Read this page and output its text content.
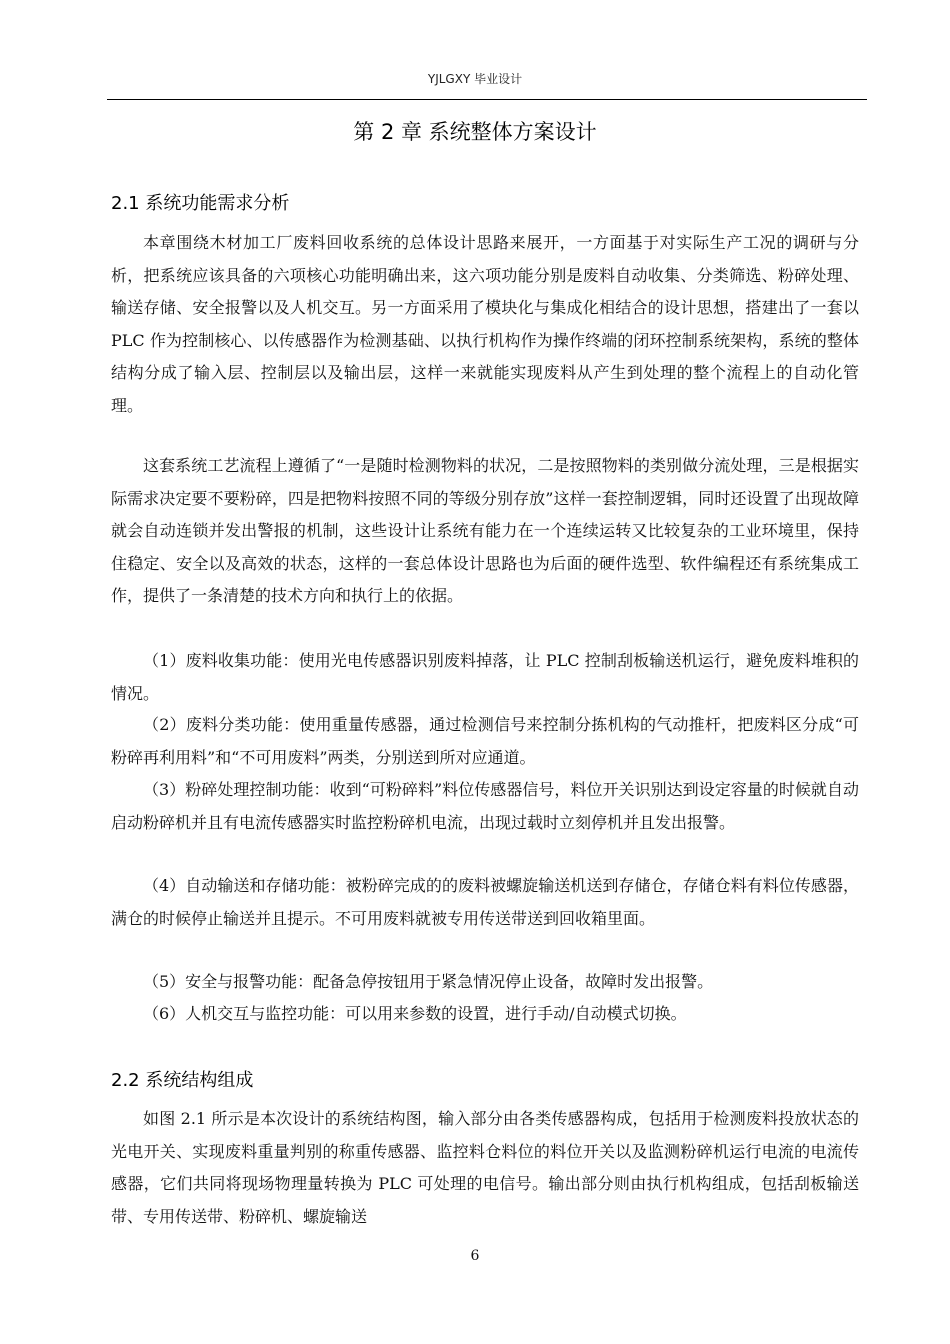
YJLGXY 毕业设计
第 2 章 系统整体方案设计
2.1 系统功能需求分析

本章围绕木材加工厂废料回收系统的总体设计思路来展开，一方面基于对实际生产工况的调研与分析，把系统应该具备的六项核心功能明确出来，这六项功能分别是废料自动收集、分类筛选、粉碎处理、输送存储、安全报警以及人机交互。另一方面采用了模块化与集成化相结合的设计思想，搭建出了一套以 PLC 作为控制核心、以传感器作为检测基础、以执行机构作为操作终端的闭环控制系统架构，系统的整体结构分成了输入层、控制层以及输出层，这样一来就能实现废料从产生到处理的整个流程上的自动化管理。

这套系统工艺流程上遵循了“一是随时检测物料的状况，二是按照物料的类别做分流处理，三是根据实际需求决定要不要粉碎，四是把物料按照不同的等级分别存放”这样一套控制逻辑，同时还设置了出现故障就会自动连锁并发出警报的机制，这些设计让系统有能力在一个连续运转又比较复杂的工业环境里，保持住稳定、安全以及高效的状态，这样的一套总体设计思路也为后面的硬件选型、软件编程还有系统集成工作，提供了一条清楚的技术方向和执行上的依据。

（1）废料收集功能：使用光电传感器识别废料掉落，让 PLC 控制刮板输送机运行，避免废料堆积的情况。

（2）废料分类功能：使用重量传感器，通过检测信号来控制分拣机构的气动推杆，把废料区分成“可粉碎再利用料”和“不可用废料”两类，分别送到所对应通道。

（3）粉碎处理控制功能：收到“可粉碎料”料位传感器信号，料位开关识别达到设定容量的时候就自动启动粉碎机并且有电流传感器实时监控粉碎机电流，出现过载时立刻停机并且发出报警。

（4）自动输送和存储功能：被粉碎完成的的废料被螺旋输送机送到存储仓，存储仓料有料位传感器，满仓的时候停止输送并且提示。不可用废料就被专用传送带送到回收箱里面。

（5）安全与报警功能：配备急停按钮用于紧急情况停止设备，故障时发出报警。

（6）人机交互与监控功能：可以用来参数的设置，进行手动/自动模式切换。

2.2 系统结构组成

如图 2.1 所示是本次设计的系统结构图，输入部分由各类传感器构成，包括用于检测废料投放状态的光电开关、实现废料重量判别的称重传感器、监控料仓料位的料位开关以及监测粉碎机运行电流的电流传感器，它们共同将现场物理量转换为 PLC 可处理的电信号。输出部分则由执行机构组成，包括刮板输送带、专用传送带、粉碎机、螺旋输送

6
